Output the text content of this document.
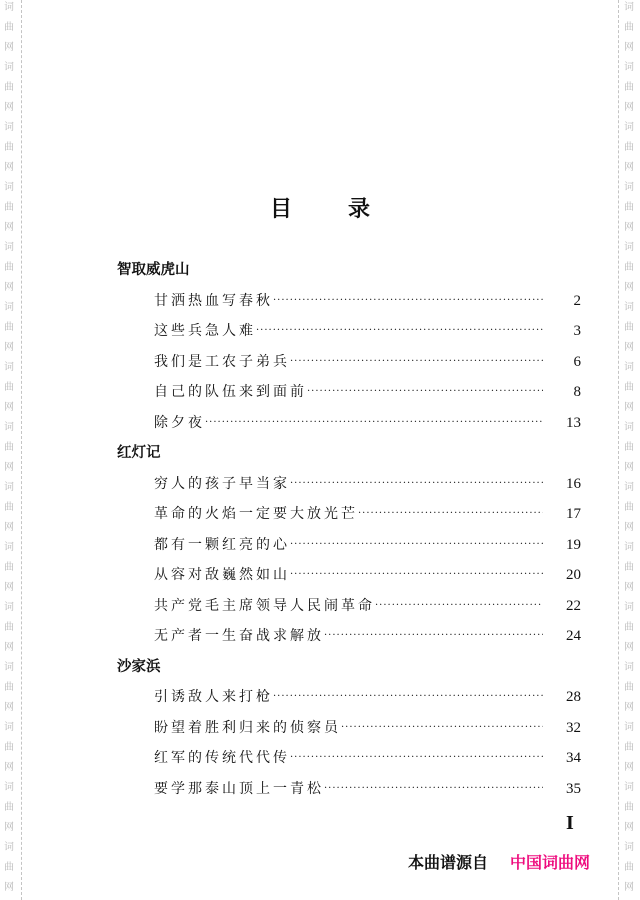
词
曲
网
词
曲
网
词
曲
网
词
曲
网
词
曲
网
词
曲
网
词
曲
网
词
曲
网
词
曲
网
词
曲
网
词
曲
网
词
曲
网
词
曲
网
词
曲
网
词
曲
网
词
曲
网
词
曲
网
词
曲
网
词
曲
网
词
曲
网
词
曲
网
词
曲
网
词
曲
网
词
曲
网
词
曲
网
词
曲
网
词
曲
网
词
曲
网
词
曲
网
词
曲
网
目录
智取威虎山
甘洒热血写春秋 ·····	2
这些兵急人难 ·····	3
我们是工农子弟兵 ·····	6
自己的队伍来到面前 ·····	8
除夕夜 ·····	13
红灯记
穷人的孩子早当家 ·····	16
革命的火焰一定要大放光芒 ·····	17
都有一颗红亮的心 ·····	19
从容对敌巍然如山 ·····	20
共产党毛主席领导人民闹革命 ·····	22
无产者一生奋战求解放 ·····	24
沙家浜
引诱敌人来打枪 ·····	28
盼望着胜利归来的侦察员 ·····	32
红军的传统代代传 ·····	34
要学那泰山顶上一青松 ·····	35
I
本曲谱源自 中国词曲网
